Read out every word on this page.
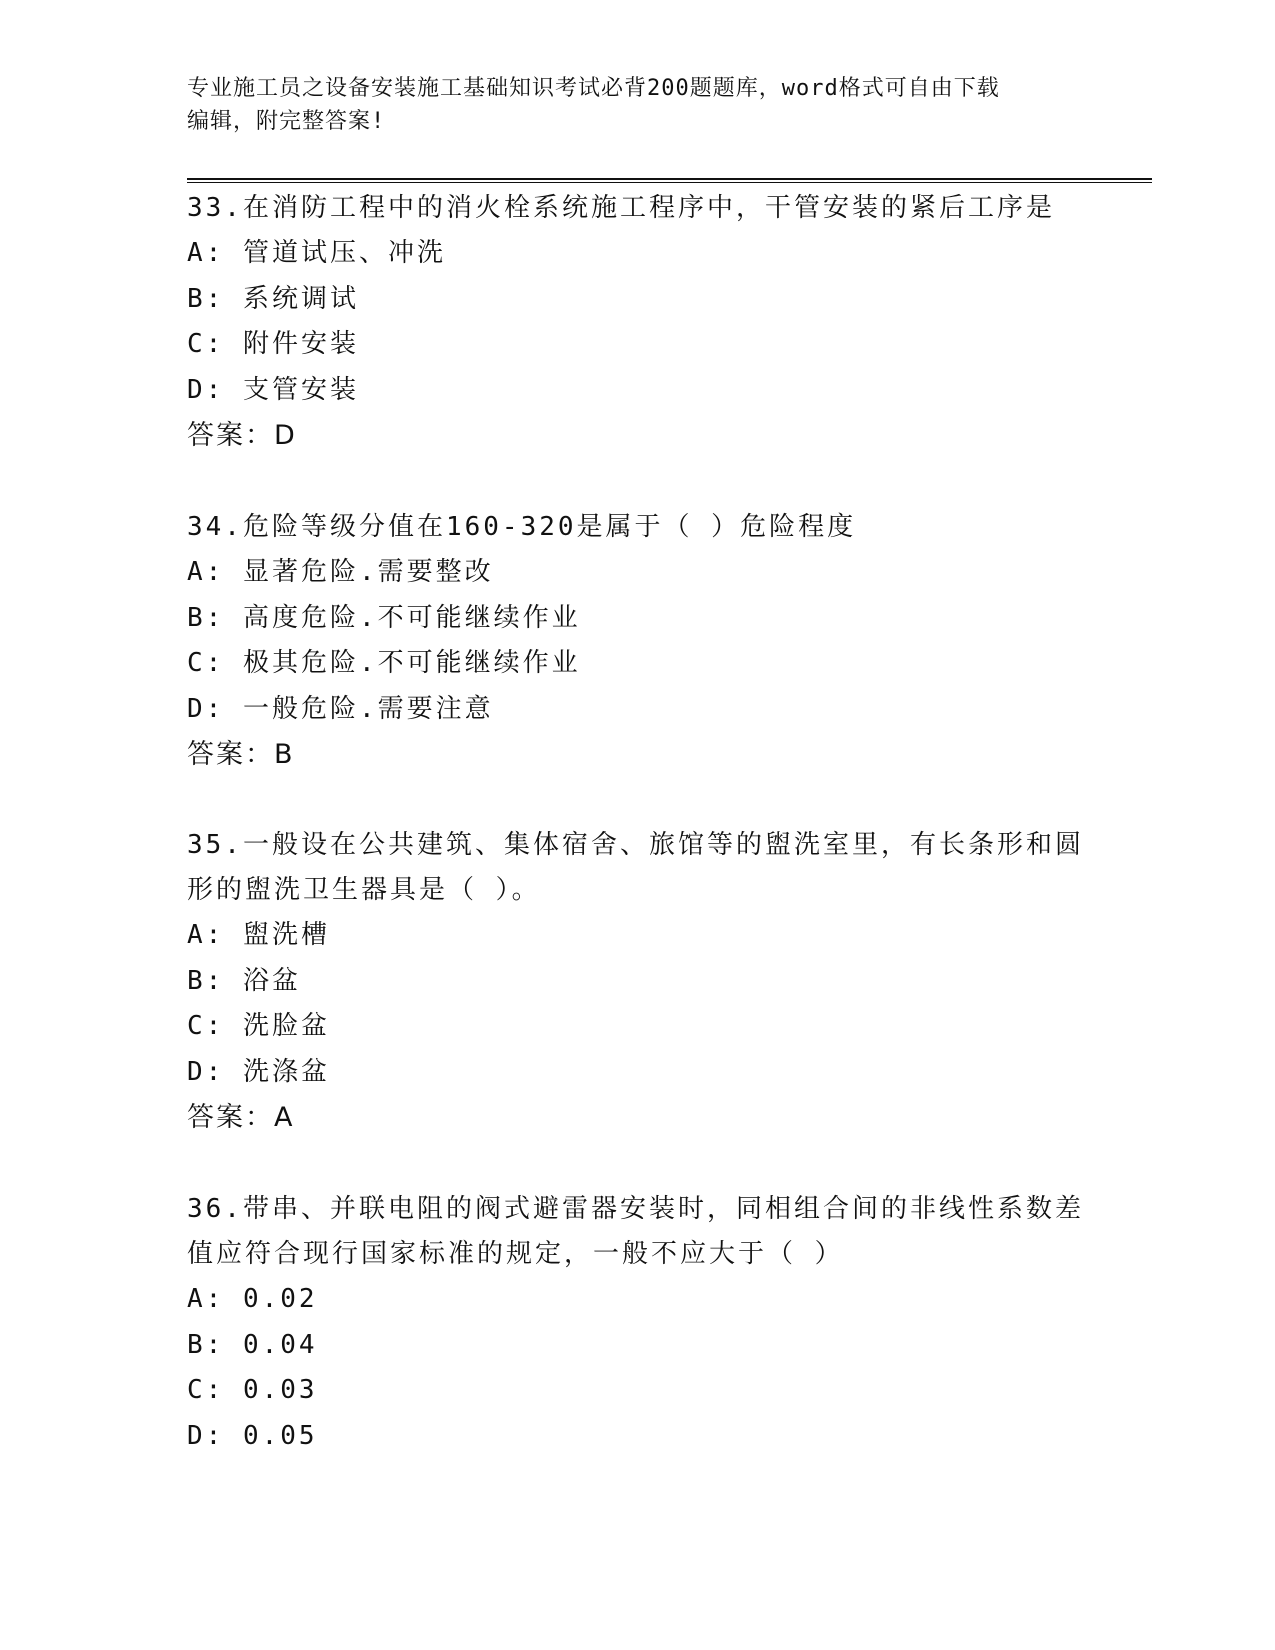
专业施工员之设备安装施工基础知识考试必背200题题库，word格式可自由下载
编辑，附完整答案!

33.在消防工程中的消火栓系统施工程序中，干管安装的紧后工序是

A: 管道试压、冲洗

B: 系统调试

C: 附件安装

D: 支管安装

答案：D

34.危险等级分值在160-320是属于（ ）危险程度

A: 显著危险.需要整改

B: 高度危险.不可能继续作业

C: 极其危险.不可能继续作业

D: 一般危险.需要注意

答案：B

35.一般设在公共建筑、集体宿舍、旅馆等的盥洗室里，有长条形和圆形的盥洗卫生器具是（ ）。

A: 盥洗槽

B: 浴盆

C: 洗脸盆

D: 洗涤盆

答案：A

36.带串、并联电阻的阀式避雷器安装时，同相组合间的非线性系数差值应符合现行国家标准的规定，一般不应大于（ ）

A: 0.02

B: 0.04

C: 0.03

D: 0.05
